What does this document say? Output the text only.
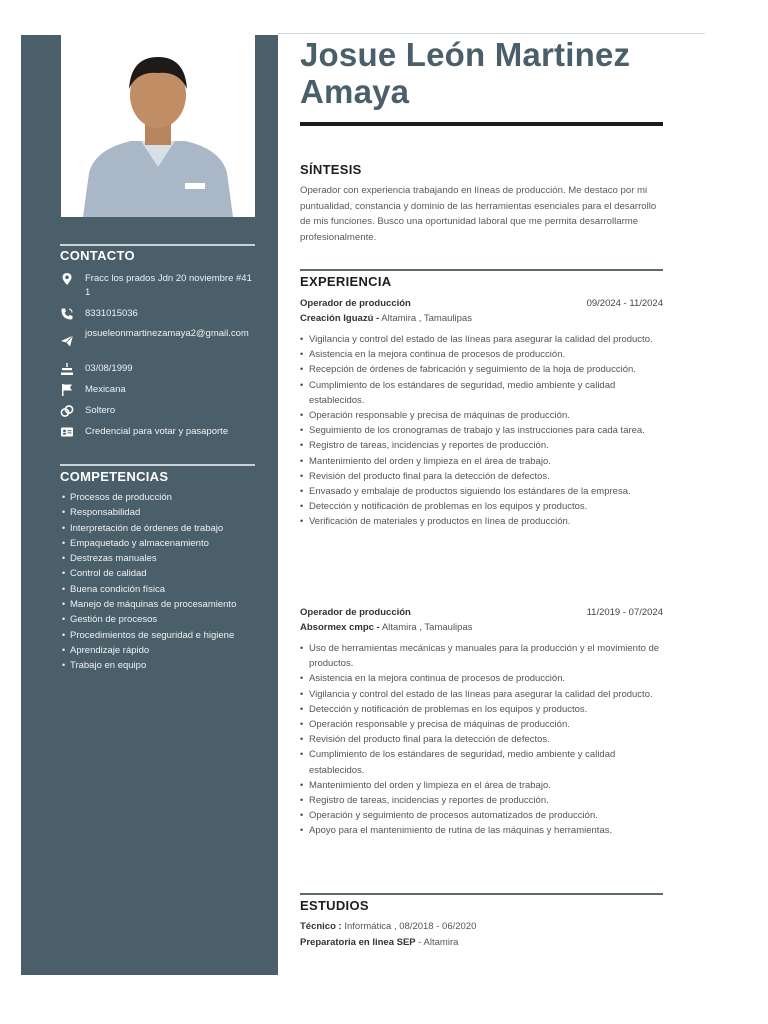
CONTACTO
Fracc los prados Jdn 20 noviembre #411
8331015036
josueleonmartinezamaya2@gmail.com
03/08/1999
Mexicana
Soltero
Credencial para votar y pasaporte
COMPETENCIAS
• Procesos de producción
• Responsabilidad
• Interpretación de órdenes de trabajo
• Empaquetado y almacenamiento
• Destrezas manuales
• Control de calidad
• Buena condición física
• Manejo de máquinas de procesamiento
• Gestión de procesos
• Procedimientos de seguridad e higiene
• Aprendizaje rápido
• Trabajo en equipo
Josue León Martinez Amaya
SÍNTESIS
Operador con experiencia trabajando en líneas de producción. Me destaco por mi puntualidad, constancia y dominio de las herramientas esenciales para el desarrollo de mis funciones. Busco una oportunidad laboral que me permita desarrollarme profesionalmente.
EXPERIENCIA
Operador de producción	09/2024 - 11/2024
Creación Iguazú - Altamira , Tamaulipas
• Vigilancia y control del estado de las líneas para asegurar la calidad del producto.
• Asistencia en la mejora continua de procesos de producción.
• Recepción de órdenes de fabricación y seguimiento de la hoja de producción.
• Cumplimiento de los estándares de seguridad, medio ambiente y calidad establecidos.
• Operación responsable y precisa de máquinas de producción.
• Seguimiento de los cronogramas de trabajo y las instrucciones para cada tarea.
• Registro de tareas, incidencias y reportes de producción.
• Mantenimiento del orden y limpieza en el área de trabajo.
• Revisión del producto final para la detección de defectos.
• Envasado y embalaje de productos siguiendo los estándares de la empresa.
• Detección y notificación de problemas en los equipos y productos.
• Verificación de materiales y productos en línea de producción.
Operador de producción	11/2019 - 07/2024
Absormex cmpc - Altamira , Tamaulipas
• Uso de herramientas mecánicas y manuales para la producción y el movimiento de productos.
• Asistencia en la mejora continua de procesos de producción.
• Vigilancia y control del estado de las líneas para asegurar la calidad del producto.
• Detección y notificación de problemas en los equipos y productos.
• Operación responsable y precisa de máquinas de producción.
• Revisión del producto final para la detección de defectos.
• Cumplimiento de los estándares de seguridad, medio ambiente y calidad establecidos.
• Mantenimiento del orden y limpieza en el área de trabajo.
• Registro de tareas, incidencias y reportes de producción.
• Operación y seguimiento de procesos automatizados de producción.
• Apoyo para el mantenimiento de rutina de las máquinas y herramientas.
ESTUDIOS
Técnico : Informática , 08/2018 - 06/2020
Preparatoria en linea SEP - Altamira
